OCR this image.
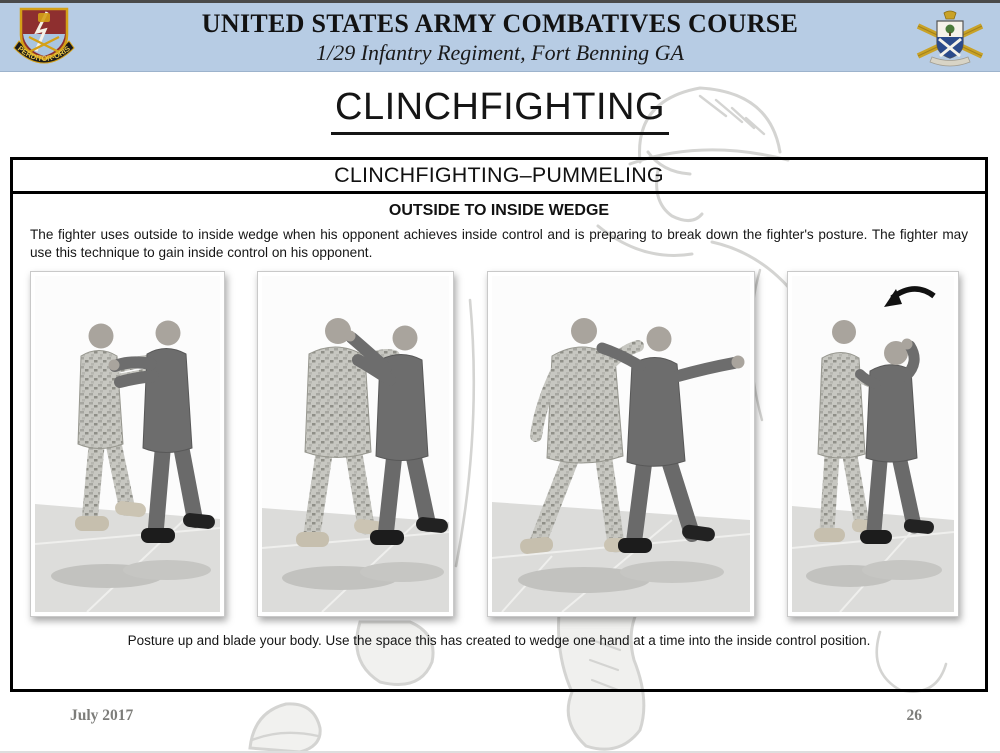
UNITED STATES ARMY COMBATIVES COURSE
1/29 Infantry Regiment, Fort Benning GA
PERDITOR-ORIS
CLINCHFIGHTING
CLINCHFIGHTING–PUMMELING
OUTSIDE TO INSIDE WEDGE
The fighter uses outside to inside wedge when his opponent achieves inside control and is preparing to break down the fighter's posture. The fighter may use this technique to gain inside control on his opponent.
Posture up and blade your body. Use the space this has created to wedge one hand at a time into the inside control position.
July 2017	26
